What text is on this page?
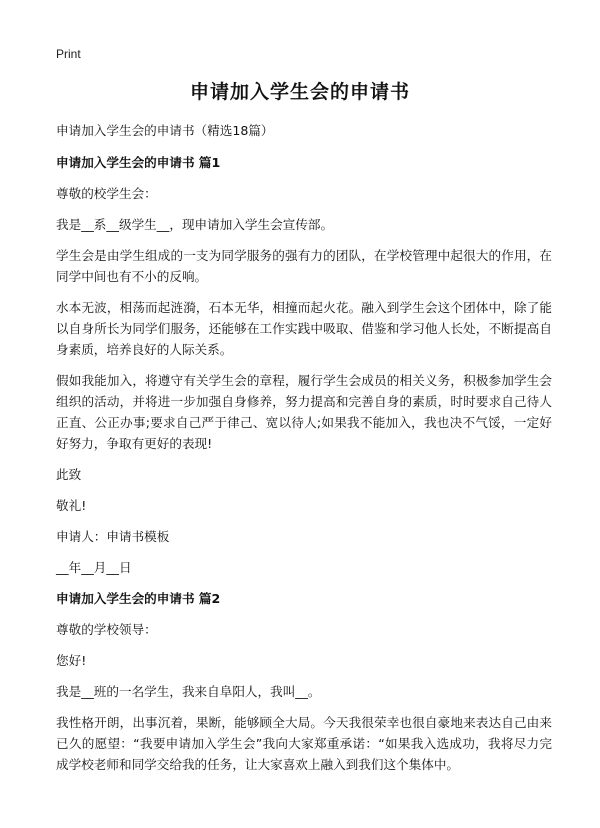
Print
申请加入学生会的申请书

申请加入学生会的申请书（精选18篇）

申请加入学生会的申请书 篇1

尊敬的校学生会：

我是__系__级学生__，现申请加入学生会宣传部。

学生会是由学生组成的一支为同学服务的强有力的团队，在学校管理中起很大的作用，在同学中间也有不小的反响。

水本无波，相荡而起涟漪，石本无华，相撞而起火花。融入到学生会这个团体中，除了能以自身所长为同学们服务，还能够在工作实践中吸取、借鉴和学习他人长处，不断提高自身素质，培养良好的人际关系。

假如我能加入，将遵守有关学生会的章程，履行学生会成员的相关义务，积极参加学生会组织的活动，并将进一步加强自身修养，努力提高和完善自身的素质，时时要求自己待人正直、公正办事;要求自己严于律己、宽以待人;如果我不能加入，我也决不气馁，一定好好努力，争取有更好的表现!

此致

敬礼!

申请人：申请书模板

__年__月__日

申请加入学生会的申请书 篇2

尊敬的学校领导：

您好!

我是__班的一名学生，我来自阜阳人，我叫__。

我性格开朗，出事沉着，果断，能够顾全大局。今天我很荣幸也很自豪地来表达自己由来已久的愿望：“我要申请加入学生会”我向大家郑重承诺：“如果我入选成功，我将尽力完成学校老师和同学交给我的任务，让大家喜欢上融入到我们这个集体中。
